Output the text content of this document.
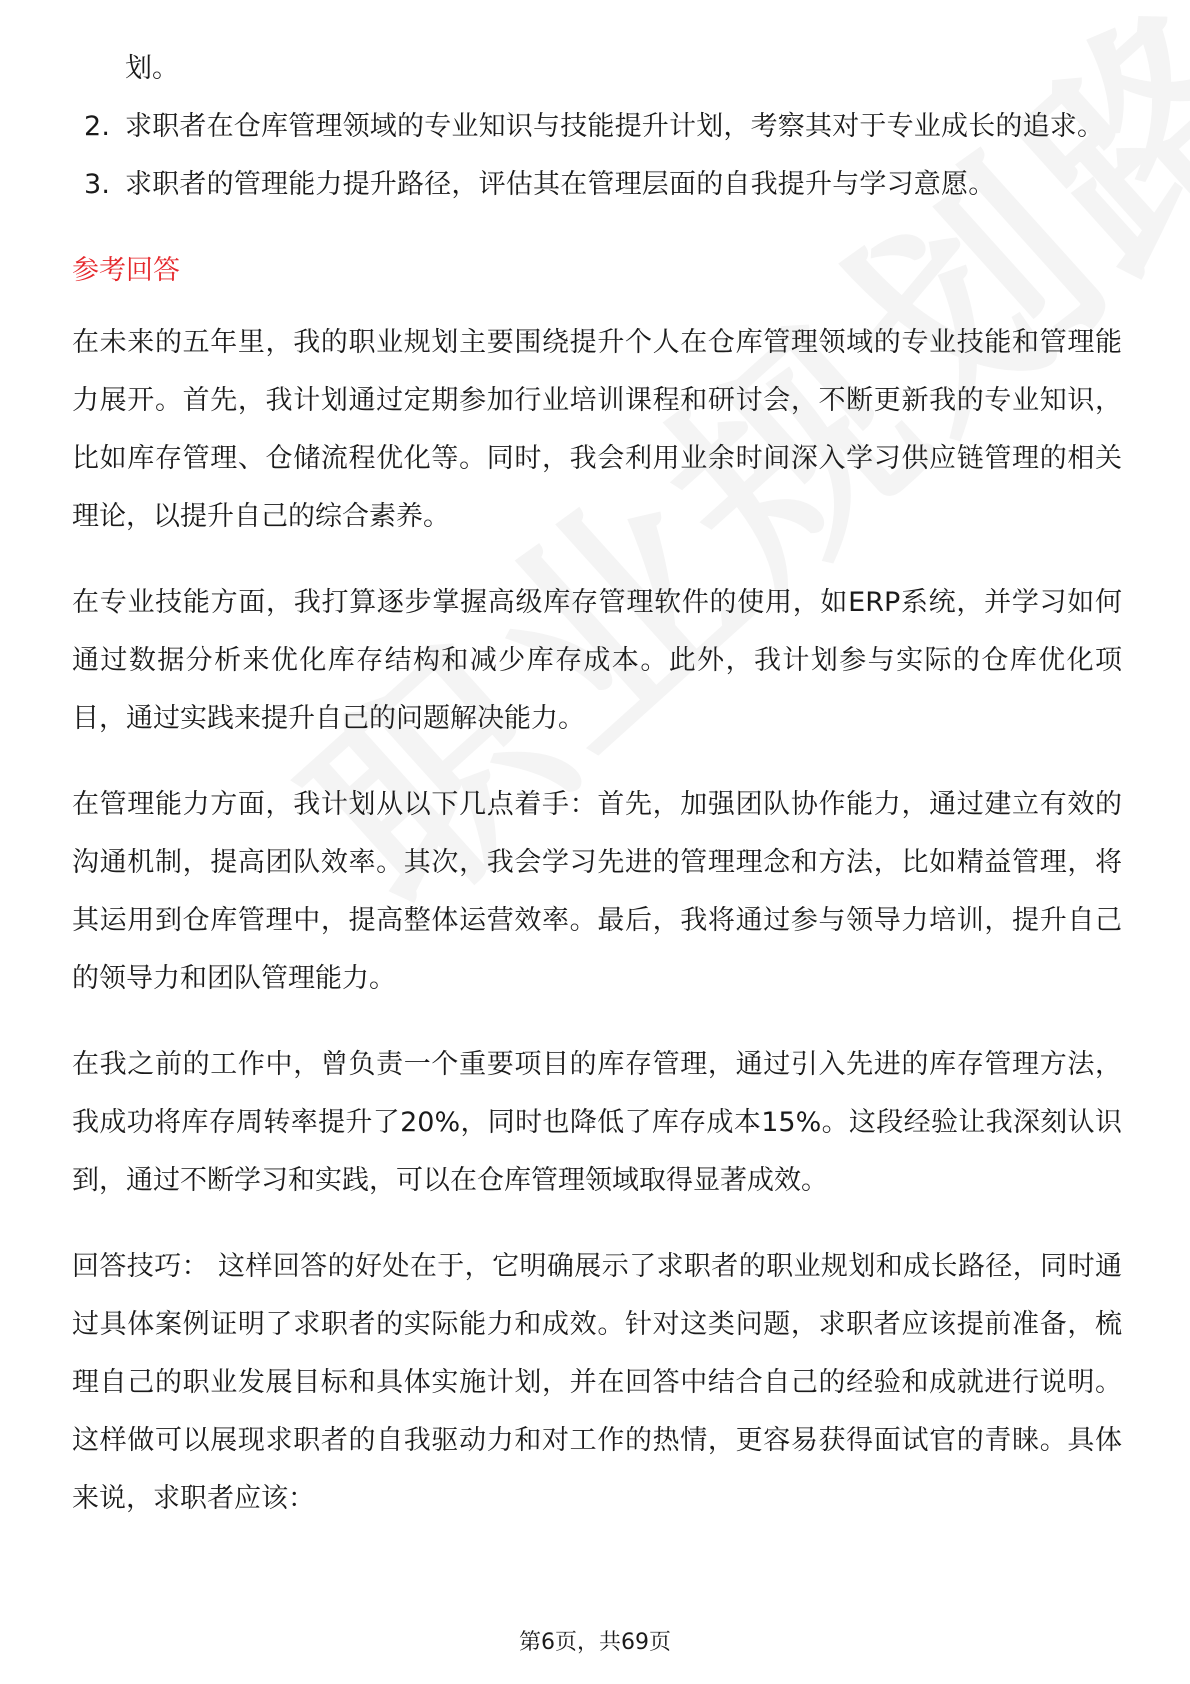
划。
2. 求职者在仓库管理领域的专业知识与技能提升计划，考察其对于专业成长的追求。
3. 求职者的管理能力提升路径，评估其在管理层面的自我提升与学习意愿。
参考回答

在未来的五年里，我的职业规划主要围绕提升个人在仓库管理领域的专业技能和管理能力展开。首先，我计划通过定期参加行业培训课程和研讨会，不断更新我的专业知识，比如库存管理、仓储流程优化等。同时，我会利用业余时间深入学习供应链管理的相关理论，以提升自己的综合素养。

在专业技能方面，我打算逐步掌握高级库存管理软件的使用，如ERP系统，并学习如何通过数据分析来优化库存结构和减少库存成本。此外，我计划参与实际的仓库优化项目，通过实践来提升自己的问题解决能力。

在管理能力方面，我计划从以下几点着手：首先，加强团队协作能力，通过建立有效的沟通机制，提高团队效率。其次，我会学习先进的管理理念和方法，比如精益管理，将其运用到仓库管理中，提高整体运营效率。最后，我将通过参与领导力培训，提升自己的领导力和团队管理能力。

在我之前的工作中，曾负责一个重要项目的库存管理，通过引入先进的库存管理方法，我成功将库存周转率提升了20%，同时也降低了库存成本15%。这段经验让我深刻认识到，通过不断学习和实践，可以在仓库管理领域取得显著成效。

回答技巧： 这样回答的好处在于，它明确展示了求职者的职业规划和成长路径，同时通过具体案例证明了求职者的实际能力和成效。针对这类问题，求职者应该提前准备，梳理自己的职业发展目标和具体实施计划，并在回答中结合自己的经验和成就进行说明。这样做可以展现求职者的自我驱动力和对工作的热情，更容易获得面试官的青睐。具体来说，求职者应该：

第6页，共69页
